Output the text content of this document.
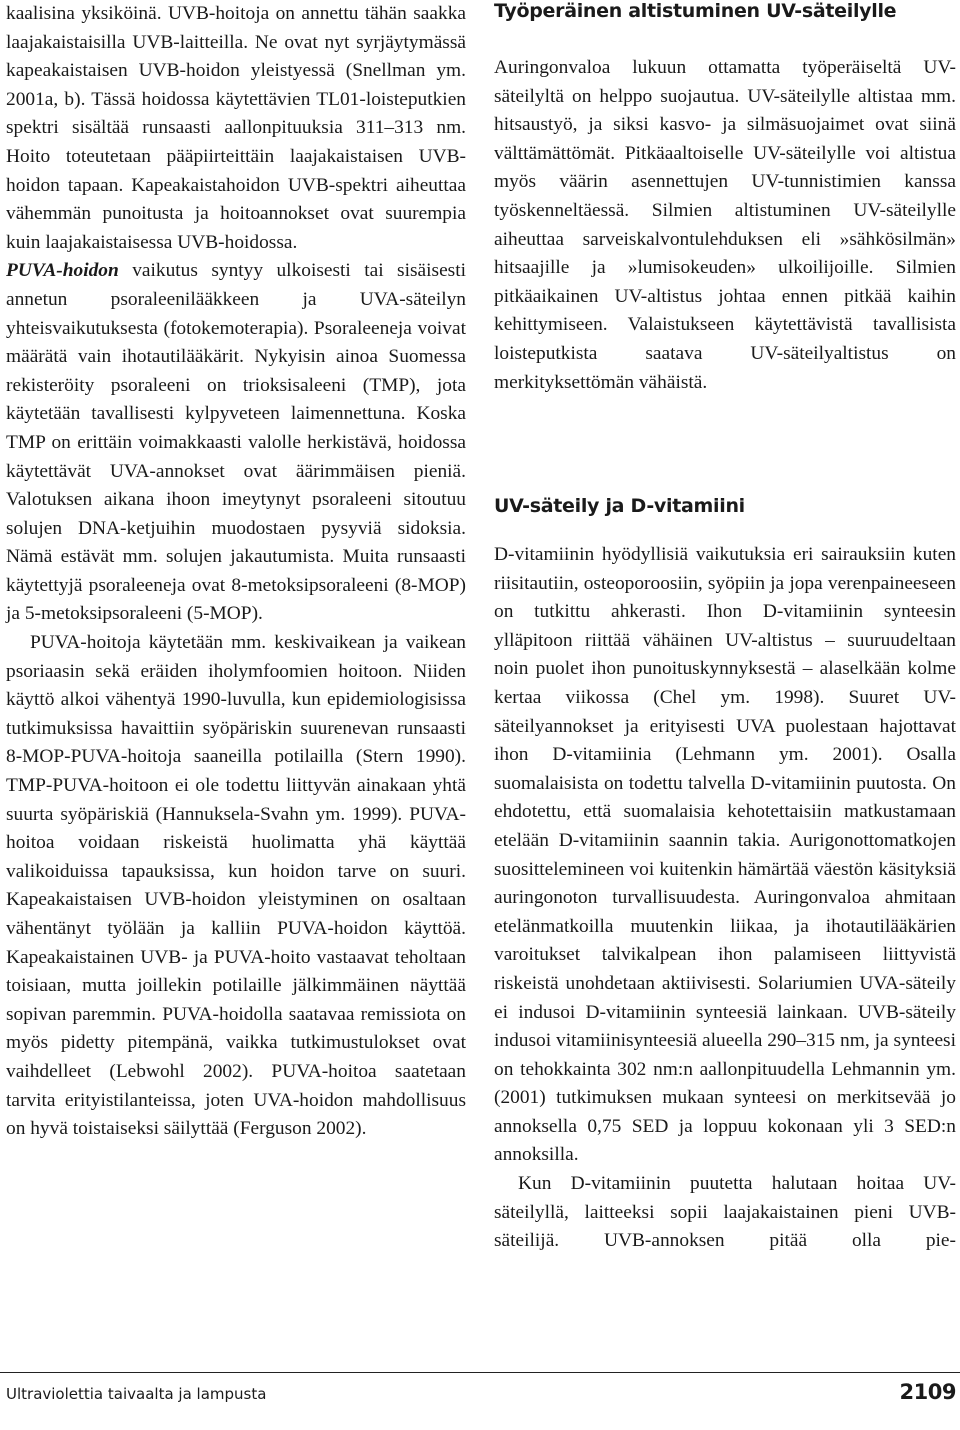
kaalisina yksiköinä. UVB-hoitoja on annettu tähän saakka laajakaistaisilla UVB-laitteilla. Ne ovat nyt syrjäytymässä kapeakaistaisen UVB-hoidon yleistyessä (Snellman ym. 2001a, b). Tässä hoidossa käytettävien TL01-loisteputkien spektri sisältää runsaasti aallonpituuksia 311–313 nm. Hoito toteutetaan pääpiirteittäin laajakaistaisen UVB-hoidon tapaan. Kapeakaistahoidon UVB-spektri aiheuttaa vähemmän punoitusta ja hoitoannokset ovat suurempia kuin laajakaistaisessa UVB-hoidossa.

PUVA-hoidon vaikutus syntyy ulkoisesti tai sisäisesti annetun psoraleenilääkkeen ja UVA-säteilyn yhteisvaikutuksesta (fotokemoterapia). Psoraleeneja voivat määrätä vain ihotautilääkärit. Nykyisin ainoa Suomessa rekisteröity psoraleeni on trioksisaleeni (TMP), jota käytetään tavallisesti kylpyveteen laimennettuna. Koska TMP on erittäin voimakkaasti valolle herkistävä, hoidossa käytettävät UVA-annokset ovat äärimmäisen pieniä. Valotuksen aikana ihoon imeytynyt psoraleeni sitoutuu solujen DNA-ketjuihin muodostaen pysyviä sidoksia. Nämä estävät mm. solujen jakautumista. Muita runsaasti käytettyjä psoraleeneja ovat 8-metoksipsoraleeni (8-MOP) ja 5-metoksipsoraleeni (5-MOP).

PUVA-hoitoja käytetään mm. keskivaikean ja vaikean psoriaasin sekä eräiden iholymfoomien hoitoon. Niiden käyttö alkoi vähentyä 1990-luvulla, kun epidemiologisissa tutkimuksissa havaittiin syöpäriskin suurenevan runsaasti 8-MOP-PUVA-hoitoja saaneilla potilailla (Stern 1990). TMP-PUVA-hoitoon ei ole todettu liittyvän ainakaan yhtä suurta syöpäriskiä (Hannuksela-Svahn ym. 1999). PUVA-hoitoa voidaan riskeistä huolimatta yhä käyttää valikoiduissa tapauksissa, kun hoidon tarve on suuri. Kapeakaistaisen UVB-hoidon yleistyminen on osaltaan vähentänyt työlään ja kalliin PUVA-hoidon käyttöä. Kapeakaistainen UVB- ja PUVA-hoito vastaavat teholtaan toisiaan, mutta joillekin potilaille jälkimmäinen näyttää sopivan paremmin. PUVA-hoidolla saatavaa remissiota on myös pidetty pitempänä, vaikka tutkimustulokset ovat vaihdelleet (Lebwohl 2002). PUVA-hoitoa saatetaan tarvita erityistilanteissa, joten UVA-hoidon mahdollisuus on hyvä toistaiseksi säilyttää (Ferguson 2002).

Työperäinen altistuminen UV-säteilylle

Auringonvaloa lukuun ottamatta työperäiseltä UV-säteilyltä on helppo suojautua. UV-säteilylle altistaa mm. hitsaustyö, ja siksi kasvo- ja silmäsuojaimet ovat siinä välttämättömät. Pitkäaaltoiselle UV-säteilylle voi altistua myös väärin asennettujen UV-tunnistimien kanssa työskenneltäessä. Silmien altistuminen UV-säteilylle aiheuttaa sarveiskalvontulehduksen eli »sähkösilmän» hitsaajille ja »lumisokeuden» ulkoilijoille. Silmien pitkäaikainen UV-altistus johtaa ennen pitkää kaihin kehittymiseen. Valaistukseen käytettävistä tavallisista loisteputkista saatava UV-säteilyaltistus on merkityksettömän vähäistä.

UV-säteily ja D-vitamiini

D-vitamiinin hyödyllisiä vaikutuksia eri sairauksiin kuten riisitautiin, osteoporoosiin, syöpiin ja jopa verenpaineeseen on tutkittu ahkerasti. Ihon D-vitamiinin synteesin ylläpitoon riittää vähäinen UV-altistus – suuruudeltaan noin puolet ihon punoituskynnyksestä – alaselkään kolme kertaa viikossa (Chel ym. 1998). Suuret UV-säteilyannokset ja erityisesti UVA puolestaan hajottavat ihon D-vitamiinia (Lehmann ym. 2001). Osalla suomalaisista on todettu talvella D-vitamiinin puutosta. On ehdotettu, että suomalaisia kehotettaisiin matkustamaan etelään D-vitamiinin saannin takia. Aurigonottomatkojen suosittelemineen voi kuitenkin hämärtää väestön käsityksiä auringonoton turvallisuudesta. Auringonvaloa ahmitaan etelänmatkoilla muutenkin liikaa, ja ihotautilääkärien varoitukset talvikalpean ihon palamiseen liittyvistä riskeistä unohdetaan aktiivisesti. Solariumien UVA-säteily ei indusoi D-vitamiinin synteesiä lainkaan. UVB-säteily indusoi vitamiinisynteesiä alueella 290–315 nm, ja synteesi on tehokkainta 302 nm:n aallonpituudella Lehmannin ym. (2001) tutkimuksen mukaan synteesi on merkitsevää jo annoksella 0,75 SED ja loppuu kokonaan yli 3 SED:n annoksilla.

Kun D-vitamiinin puutetta halutaan hoitaa UV-säteilyllä, laitteeksi sopii laajakaistainen pieni UVB-säteilijä. UVB-annoksen pitää olla pie-

Ultraviolettia taivaalta ja lampusta	2109
